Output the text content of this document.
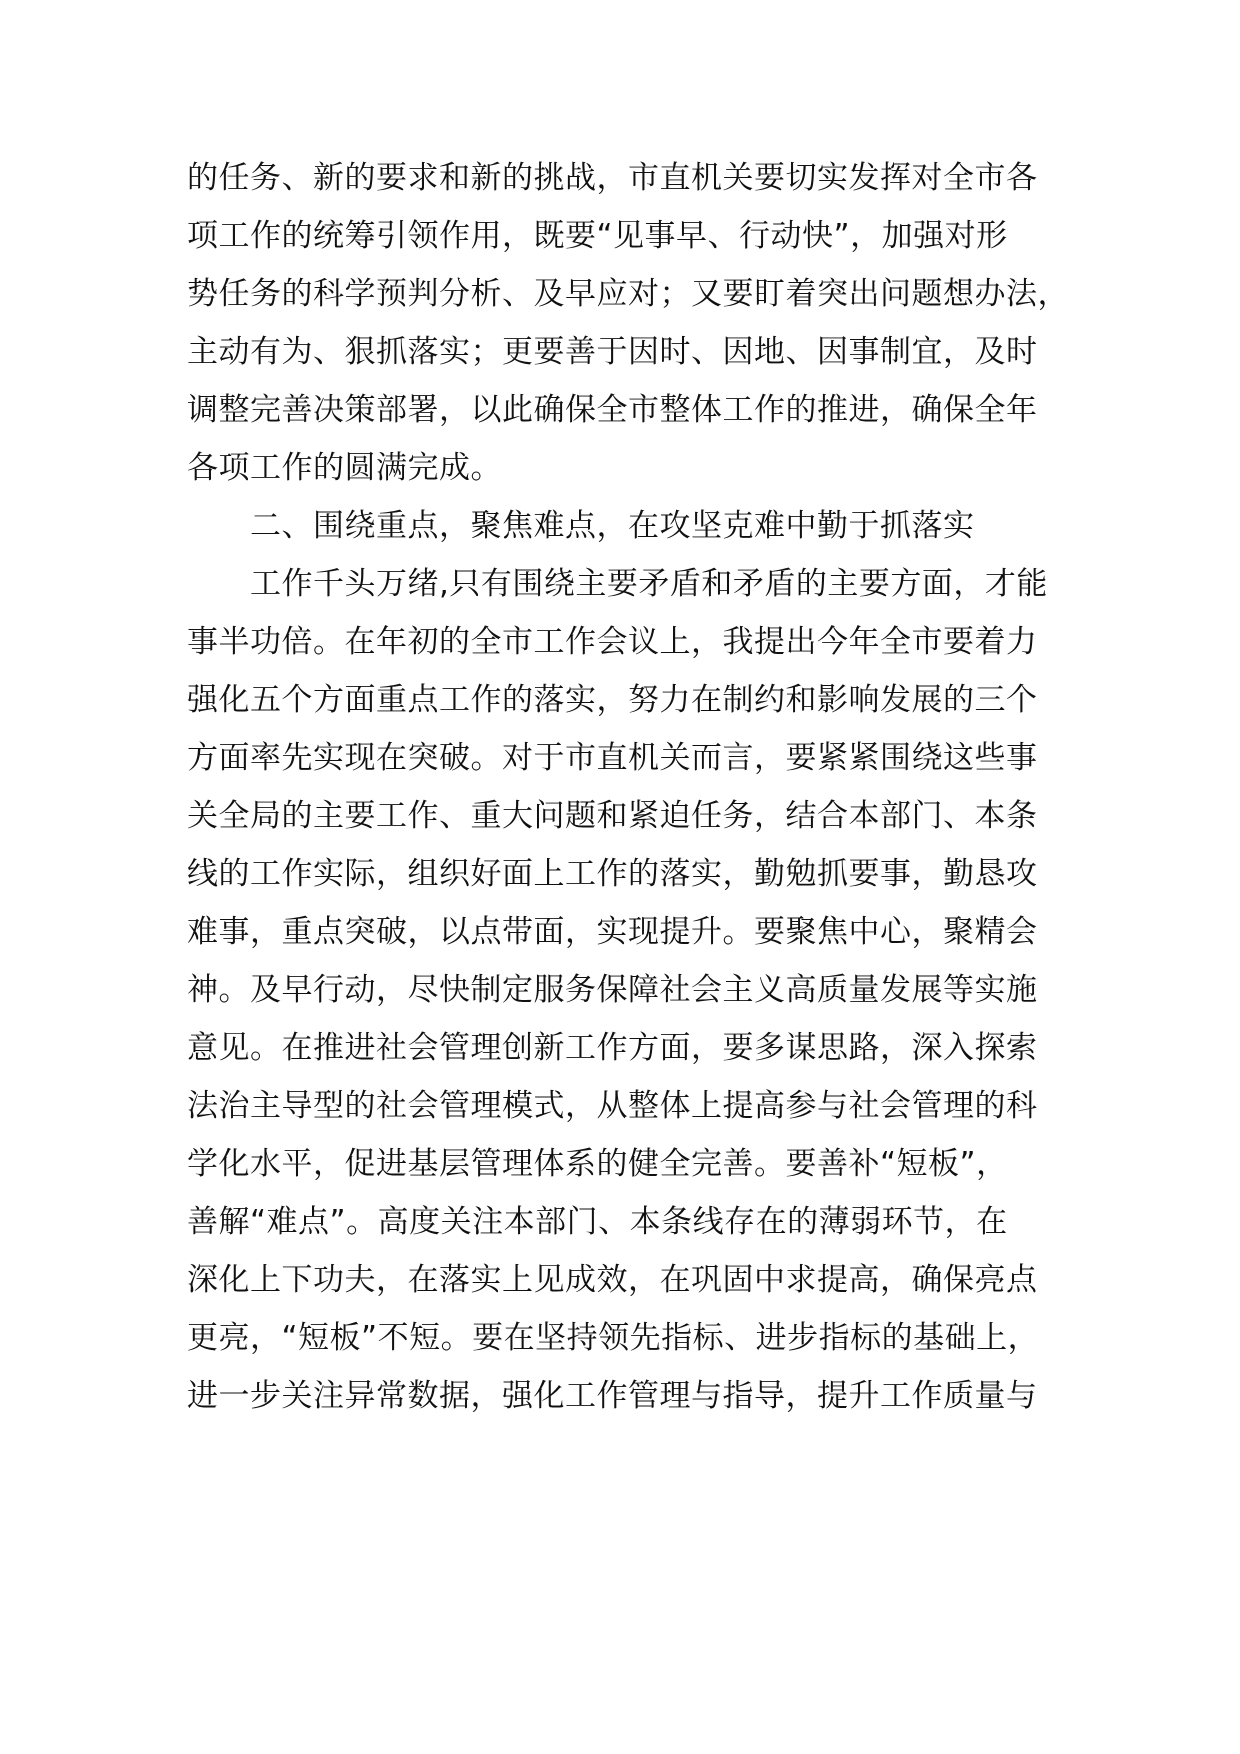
的任务、新的要求和新的挑战，市直机关要切实发挥对全市各
项工作的统筹引领作用，既要“见事早、行动快”，加强对形
势任务的科学预判分析、及早应对；又要盯着突出问题想办法，
主动有为、狠抓落实；更要善于因时、因地、因事制宜，及时
调整完善决策部署，以此确保全市整体工作的推进，确保全年
各项工作的圆满完成。
二、围绕重点，聚焦难点，在攻坚克难中勤于抓落实
工作千头万绪,只有围绕主要矛盾和矛盾的主要方面，才能
事半功倍。在年初的全市工作会议上，我提出今年全市要着力
强化五个方面重点工作的落实，努力在制约和影响发展的三个
方面率先实现在突破。对于市直机关而言，要紧紧围绕这些事
关全局的主要工作、重大问题和紧迫任务，结合本部门、本条
线的工作实际，组织好面上工作的落实，勤勉抓要事，勤恳攻
难事，重点突破，以点带面，实现提升。要聚焦中心，聚精会
神。及早行动，尽快制定服务保障社会主义高质量发展等实施
意见。在推进社会管理创新工作方面，要多谋思路，深入探索
法治主导型的社会管理模式，从整体上提高参与社会管理的科
学化水平，促进基层管理体系的健全完善。要善补“短板”，
善解“难点”。高度关注本部门、本条线存在的薄弱环节，在
深化上下功夫，在落实上见成效，在巩固中求提高，确保亮点
更亮，“短板”不短。要在坚持领先指标、进步指标的基础上，
进一步关注异常数据，强化工作管理与指导，提升工作质量与
